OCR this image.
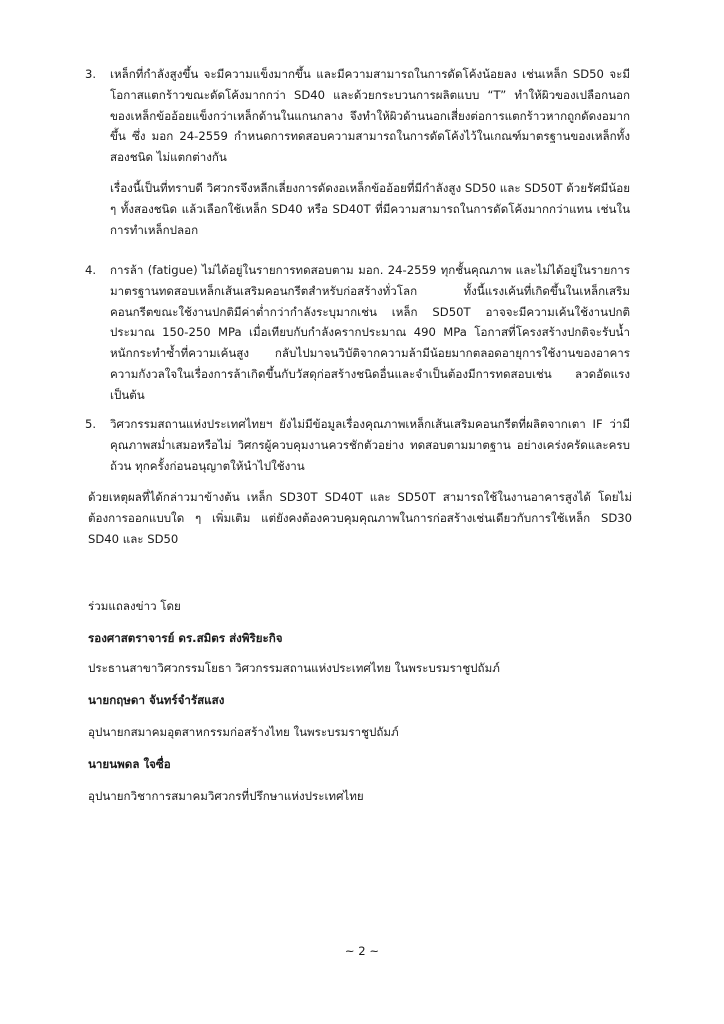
3. เหล็กที่กำลังสูงขึ้น จะมีความแข็งมากขึ้น และมีความสามารถในการดัดโค้งน้อยลง เช่นเหล็ก SD50 จะมีโอกาสแตกร้าวขณะดัดโค้งมากกว่า SD40 และด้วยกระบวนการผลิตแบบ “T” ทำให้ผิวของเปลือกนอกของเหล็กข้ออ้อยแข็งกว่าเหล็กด้านในแกนกลาง จึงทำให้ผิวด้านนอกเสี่ยงต่อการแตกร้าวหากถูกดัดงอมากขึ้น ซึ่ง มอก 24-2559 กำหนดการทดสอบความสามารถในการดัดโค้งไว้ในเกณฑ์มาตรฐานของเหล็กทั้งสองชนิด ไม่แตกต่างกัน
เรื่องนี้เป็นที่ทราบดี วิศวกรจึงหลีกเลี่ยงการดัดงอเหล็กข้ออ้อยที่มีกำลังสูง SD50 และ SD50T ด้วยรัศมีน้อย ๆ ทั้งสองชนิด แล้วเลือกใช้เหล็ก SD40 หรือ SD40T ที่มีความสามารถในการดัดโค้งมากกว่าแทน เช่นในการทำเหล็กปลอก
4. การล้า (fatigue) ไม่ได้อยู่ในรายการทดสอบตาม มอก. 24-2559 ทุกชั้นคุณภาพ และไม่ได้อยู่ในรายการมาตรฐานทดสอบเหล็กเส้นเสริมคอนกรีตสำหรับก่อสร้างทั่วโลก ทั้งนี้แรงเค้นที่เกิดขึ้นในเหล็กเสริมคอนกรีตขณะใช้งานปกติมีค่าต่ำกว่ากำลังระบุมากเช่น เหล็ก SD50T อาจจะมีความเค้นใช้งานปกติประมาณ 150-250 MPa เมื่อเทียบกับกำลังครากประมาณ 490 MPa โอกาสที่โครงสร้างปกติจะรับน้ำหนักกระทำซ้ำที่ความเค้นสูง กลับไปมาจนวิบัติจากความล้ามีน้อยมากตลอดอายุการใช้งานของอาคาร ความกังวลใจในเรื่องการล้าเกิดขึ้นกับวัสดุก่อสร้างชนิดอื่นและจำเป็นต้องมีการทดสอบเช่น ลวดอัดแรง เป็นต้น
5. วิศวกรรมสถานแห่งประเทศไทยฯ ยังไม่มีข้อมูลเรื่องคุณภาพเหล็กเส้นเสริมคอนกรีตที่ผลิตจากเตา IF ว่ามีคุณภาพสม่ำเสมอหรือไม่ วิศกรผู้ควบคุมงานควรชักตัวอย่าง ทดสอบตามมาตฐาน อย่างเคร่งครัดและครบถ้วน ทุกครั้งก่อนอนุญาตให้นำไปใช้งาน
ด้วยเหตุผลที่ได้กล่าวมาข้างต้น เหล็ก SD30T SD40T และ SD50T สามารถใช้ในงานอาคารสูงได้ โดยไม่ต้องการออกแบบใด ๆ เพิ่มเติม แต่ยังคงต้องควบคุมคุณภาพในการก่อสร้างเช่นเดียวกับการใช้เหล็ก SD30 SD40 และ SD50
ร่วมแถลงข่าว โดย
รองศาสตราจารย์ ดร.สมิตร ส่งพิริยะกิจ
ประธานสาขาวิศวกรรมโยธา วิศวกรรมสถานแห่งประเทศไทย ในพระบรมราชูปถัมภ์
นายกฤษดา จันทร์จำรัสแสง
อุปนายกสมาคมอุตสาหกรรมก่อสร้างไทย ในพระบรมราชูปถัมภ์
นายนพดล ใจซื่อ
อุปนายกวิชาการสมาคมวิศวกรที่ปรึกษาแห่งประเทศไทย
~ 2 ~
